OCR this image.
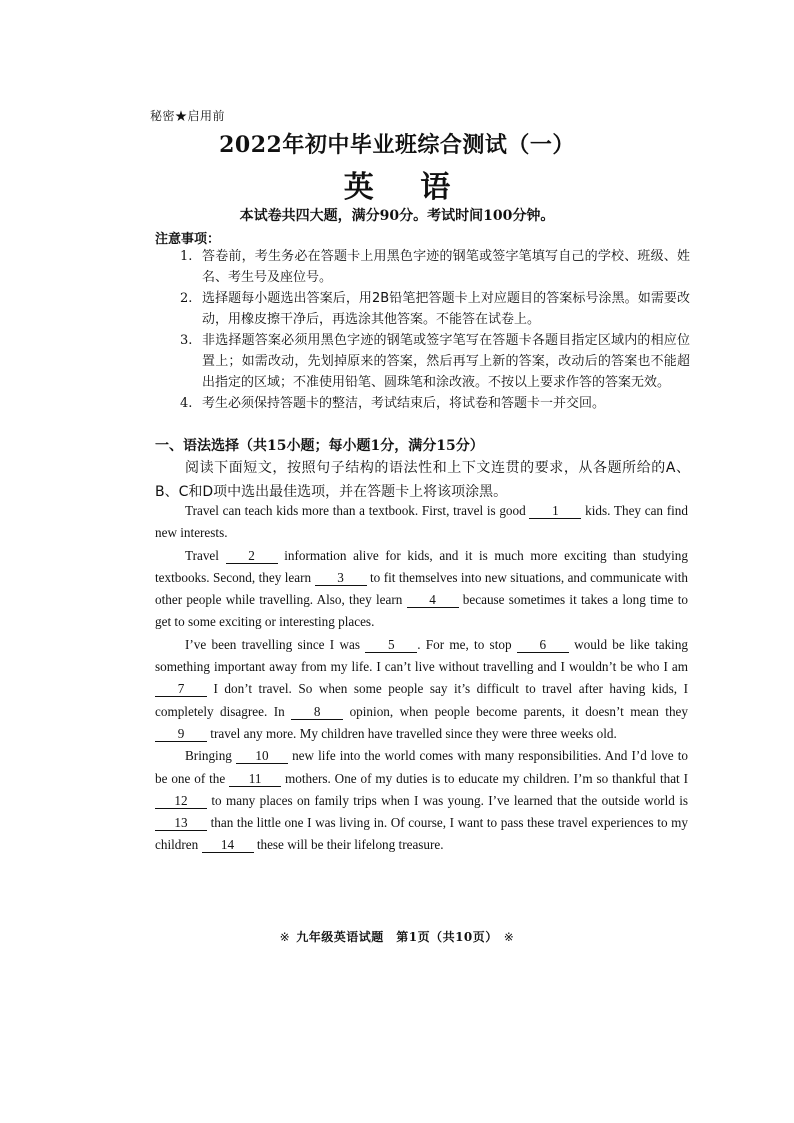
秘密★启用前
2022年初中毕业班综合测试（一）
英 语
本试卷共四大题，满分90分。考试时间100分钟。
注意事项：
1. 答卷前，考生务必在答题卡上用黑色字迹的钢笔或签字笔填写自己的学校、班级、姓名、考生号及座位号。
2. 选择题每小题选出答案后，用2B铅笔把答题卡上对应题目的答案标号涂黑。如需要改动，用橡皮擦干净后，再选涂其他答案。不能答在试卷上。
3. 非选择题答案必须用黑色字迹的钢笔或签字笔写在答题卡各题目指定区域内的相应位置上；如需改动，先划掉原来的答案，然后再写上新的答案，改动后的答案也不能超出指定的区域；不准使用铅笔、圆珠笔和涂改液。不按以上要求作答的答案无效。
4. 考生必须保持答题卡的整洁，考试结束后，将试卷和答题卡一并交回。
一、语法选择（共15小题；每小题1分，满分15分）
阅读下面短文，按照句子结构的语法性和上下文连贯的要求，从各题所给的A、B、C和D项中选出最佳选项，并在答题卡上将该项涂黑。

Travel can teach kids more than a textbook. First, travel is good 1 kids. They can find new interests.

Travel 2 information alive for kids, and it is much more exciting than studying textbooks. Second, they learn 3 to fit themselves into new situations, and communicate with other people while travelling. Also, they learn 4 because sometimes it takes a long time to get to some exciting or interesting places.

I’ve been travelling since I was 5 . For me, to stop 6 would be like taking something important away from my life. I can’t live without travelling and I wouldn’t be who I am 7 I don’t travel. So when some people say it’s difficult to travel after having kids, I completely disagree. In 8 opinion, when people become parents, it doesn’t mean they 9 travel any more. My children have travelled since they were three weeks old.

Bringing 10 new life into the world comes with many responsibilities. And I’d love to be one of the 11 mothers. One of my duties is to educate my children. I’m so thankful that I 12 to many places on family trips when I was young. I’ve learned that the outside world is 13 than the little one I was living in. Of course, I want to pass these travel experiences to my children 14 these will be their lifelong treasure.

※ 九年级英语试题　第1页（共10页） ※
